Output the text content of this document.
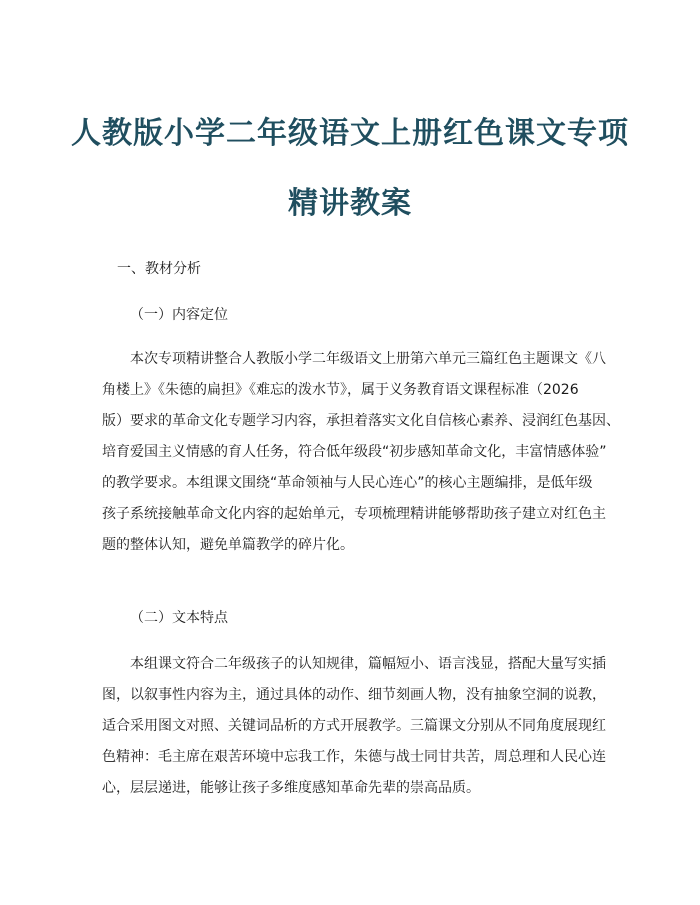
人教版小学二年级语文上册红色课文专项
精讲教案
一、教材分析
（一）内容定位
本次专项精讲整合人教版小学二年级语文上册第六单元三篇红色主题课文《八
角楼上》《朱德的扁担》《难忘的泼水节》，属于义务教育语文课程标准（2026
版）要求的革命文化专题学习内容，承担着落实文化自信核心素养、浸润红色基因、
培育爱国主义情感的育人任务，符合低年级段“初步感知革命文化，丰富情感体验”
的教学要求。本组课文围绕“革命领袖与人民心连心”的核心主题编排，是低年级
孩子系统接触革命文化内容的起始单元，专项梳理精讲能够帮助孩子建立对红色主
题的整体认知，避免单篇教学的碎片化。
（二）文本特点
本组课文符合二年级孩子的认知规律，篇幅短小、语言浅显，搭配大量写实插
图，以叙事性内容为主，通过具体的动作、细节刻画人物，没有抽象空洞的说教，
适合采用图文对照、关键词品析的方式开展教学。三篇课文分别从不同角度展现红
色精神：毛主席在艰苦环境中忘我工作，朱德与战士同甘共苦，周总理和人民心连
心，层层递进，能够让孩子多维度感知革命先辈的崇高品质。
